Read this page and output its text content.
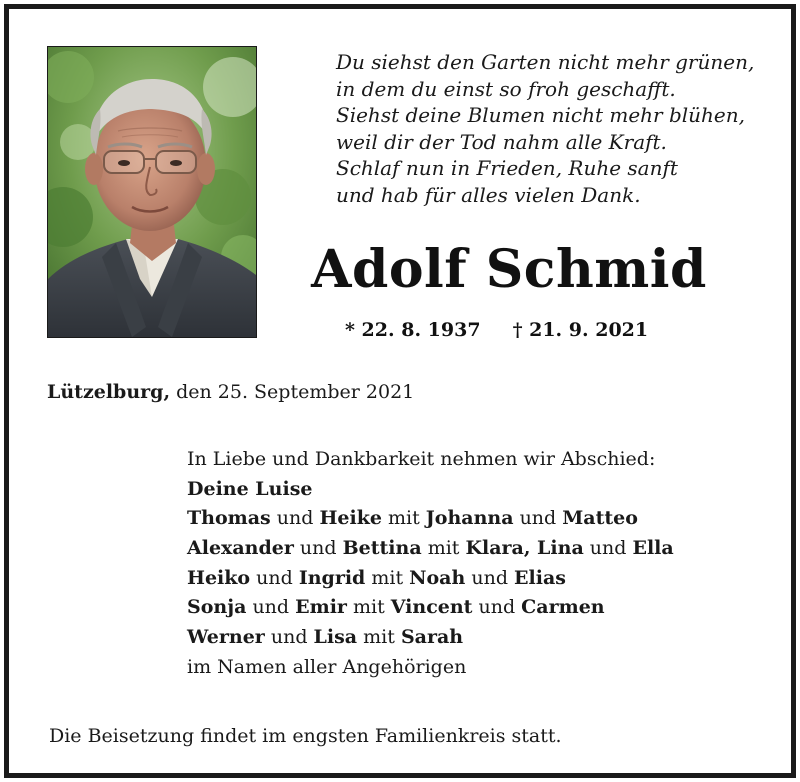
Du siehst den Garten nicht mehr grünen,
in dem du einst so froh geschafft.
Siehst deine Blumen nicht mehr blühen,
weil dir der Tod nahm alle Kraft.
Schlaf nun in Frieden, Ruhe sanft
und hab für alles vielen Dank.
Adolf Schmid
* 22. 8. 1937 † 21. 9. 2021
Lützelburg, den 25. September 2021
In Liebe und Dankbarkeit nehmen wir Abschied:
Deine Luise
Thomas und Heike mit Johanna und Matteo
Alexander und Bettina mit Klara, Lina und Ella
Heiko und Ingrid mit Noah und Elias
Sonja und Emir mit Vincent und Carmen
Werner und Lisa mit Sarah
im Namen aller Angehörigen
Die Beisetzung findet im engsten Familienkreis statt.
